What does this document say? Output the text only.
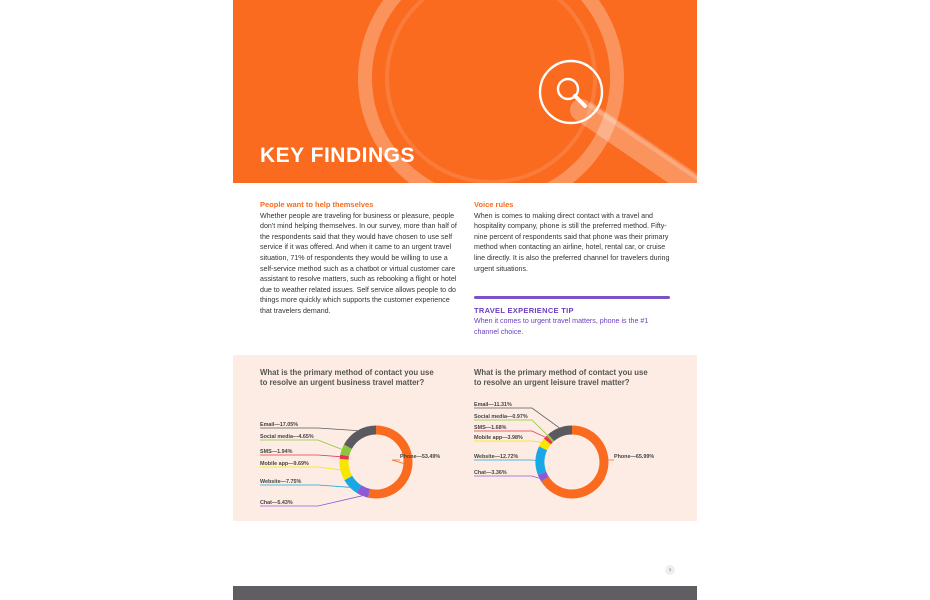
KEY FINDINGS

People want to help themselves

Whether people are traveling for business or pleasure, people don't mind helping themselves. In our survey, more than half of the respondents said that they would have chosen to use self service if it was offered. And when it came to an urgent travel situation, 71% of respondents they would be willing to use a self-service method such as a chatbot or virtual customer care assistant to resolve matters, such as rebooking a flight or hotel due to weather related issues. Self service allows people to do things more quickly which supports the customer experience that travelers demand.

Voice rules

When is comes to making direct contact with a travel and hospitality company, phone is still the preferred method. Fifty-nine percent of respondents said that phone was their primary method when contacting an airline, hotel, rental car, or cruise line directly. It is also the preferred channel for travelers during urgent situations.

TRAVEL EXPERIENCE TIP
When it comes to urgent travel matters, phone is the #1 channel choice.
What is the primary method of contact you use to resolve an urgent business travel matter?
What is the primary method of contact you use to resolve an urgent leisure travel matter?
Phone—53.49%
Chat—5.43%
Website—7.75%
Mobile app—9.69%
SMS—1.94%
Social media—4.65%
Email—17.05%
Phone—65.99%
Chat—3.36%
Website—12.72%
Mobile app—3.98%
SMS—1.68%
Social media—0.97%
Email—11.31%
3
